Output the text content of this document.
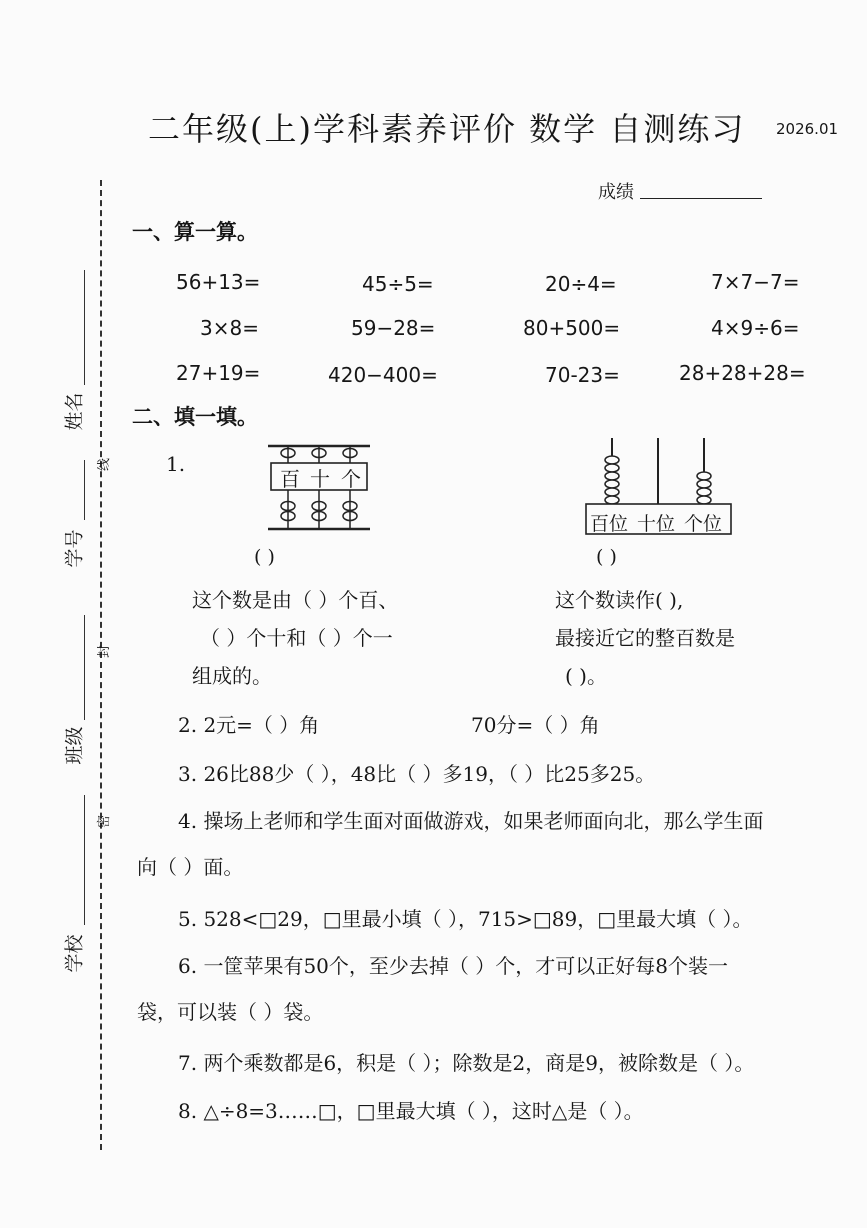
二年级(上)学科素养评价 数学 自测练习 2026.01
成绩
姓名
学号
班级
学校
线
封
密
一、算一算。
56+13=	45÷5=	20÷4=	7×7−7=
3×8=	59−28=	80+500=	4×9÷6=
27+19=	420−400=	70-23=	28+28+28=
二、填一填。
1.
百 十 个
百位 十位 个位
( )	( )
这个数是由（ ）个百、
（ ）个十和（ ）个一
组成的。
这个数读作( ),
最接近它的整百数是
( )。
2. 2元=（ ）角	70分=（ ）角
3. 26比88少（ ），48比（ ）多19，（ ）比25多25。
4. 操场上老师和学生面对面做游戏，如果老师面向北，那么学生面
向（ ）面。
5. 528<□29，□里最小填（ ），715>□89，□里最大填（ ）。
6. 一筐苹果有50个，至少去掉（ ）个，才可以正好每8个装一
袋，可以装（ ）袋。
7. 两个乘数都是6，积是（ ）；除数是2，商是9，被除数是（ ）。
8. △÷8=3……□，□里最大填（ ），这时△是（ ）。
